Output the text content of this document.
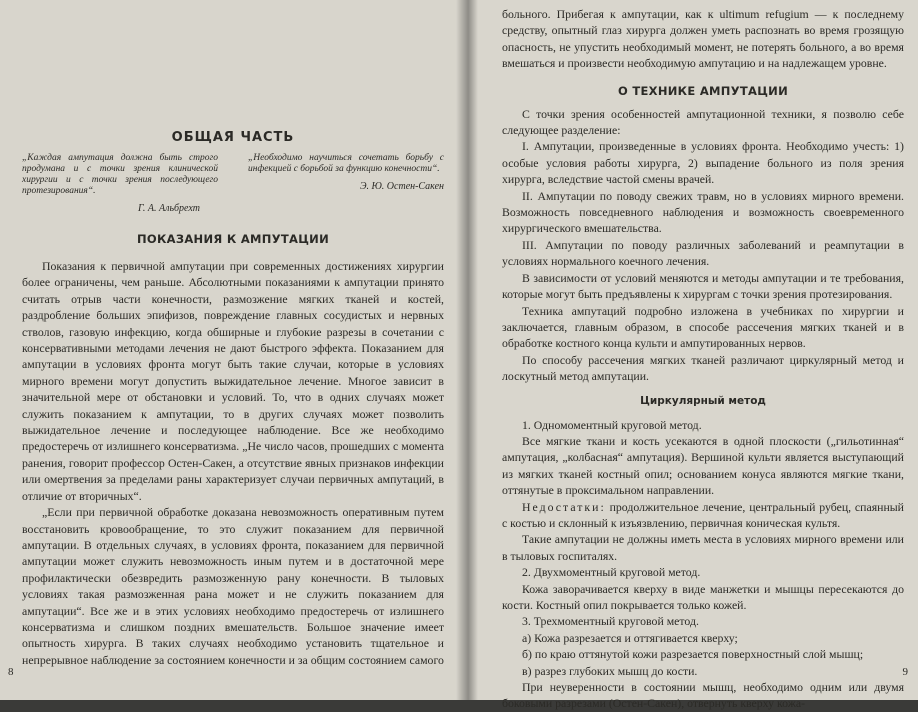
ОБЩАЯ ЧАСТЬ

„Каждая ампутация должна быть строго продумана и с точки зрения клинической хирургии и с точки зрения последующего протезирования“.

Г. А. Альбрехт

„Необходимо научиться сочетать борьбу с инфекцией с борьбой за функцию конечности“.

Э. Ю. Остен-Сакен

ПОКАЗАНИЯ К АМПУТАЦИИ

Показания к первичной ампутации при современных достижениях хирургии более ограничены, чем раньше. Абсолютными показаниями к ампутации принято считать отрыв части конечности, размозжение мягких тканей и костей, раздробление больших эпифизов, повреждение главных сосудистых и нервных стволов, газовую инфекцию, когда обширные и глубокие разрезы в сочетании с консервативными методами лечения не дают быстрого эффекта. Показанием для ампутации в условиях фронта могут быть такие случаи, которые в условиях мирного времени могут допустить выжидательное лечение. Многое зависит в значительной мере от обстановки и условий. То, что в одних случаях может служить показанием к ампутации, то в других случаях может позволить выжидательное лечение и последующее наблюдение. Все же необходимо предостеречь от излишнего консерватизма. „Не число часов, прошедших с момента ранения, говорит профессор Остен-Сакен, а отсутствие явных признаков инфекции или омертвения за пределами раны характеризует случаи первичных ампутаций, в отличие от вторичных“.

„Если при первичной обработке доказана невозможность оперативным путем восстановить кровообращение, то это служит показанием для первичной ампутации. В отдельных случаях, в условиях фронта, показанием для первичной ампутации может служить невозможность иным путем и в достаточной мере профилактически обезвредить размозженную рану конечности. В тыловых условиях такая размозженная рана может и не служить показанием для ампутации“. Все же и в этих условиях необходимо предостеречь от излишнего консерватизма и слишком поздних вмешательств. Большое значение имеет опытность хирурга. В таких случаях необходимо установить тщательное и непрерывное наблюдение за состоянием конечности и за общим состоянием самого

8

больного. Прибегая к ампутации, как к ultimum refugium — к последнему средству, опытный глаз хирурга должен уметь распознать во время грозящую опасность, не упустить необходимый момент, не потерять больного, а во время вмешаться и произвести необходимую ампутацию и на надлежащем уровне.

О ТЕХНИКЕ АМПУТАЦИИ

С точки зрения особенностей ампутационной техники, я позволю себе следующее разделение:

I. Ампутации, произведенные в условиях фронта. Необходимо учесть: 1) особые условия работы хирурга, 2) выпадение больного из поля зрения хирурга, вследствие частой смены врачей.

II. Ампутации по поводу свежих травм, но в условиях мирного времени. Возможность повседневного наблюдения и возможность своевременного хирургического вмешательства.

III. Ампутации по поводу различных заболеваний и реампутации в условиях нормального коечного лечения.

В зависимости от условий меняются и методы ампутации и те требования, которые могут быть предъявлены к хирургам с точки зрения протезирования.

Техника ампутаций подробно изложена в учебниках по хирургии и заключается, главным образом, в способе рассечения мягких тканей и в обработке костного конца культи и ампутированных нервов.

По способу рассечения мягких тканей различают циркулярный метод и лоскутный метод ампутации.

Циркулярный метод

1. Одномоментный круговой метод.

Все мягкие ткани и кость усекаются в одной плоскости („гильотинная“ ампутация, „колбасная“ ампутация). Вершиной культи является выступающий из мягких тканей костный опил; основанием конуса являются мягкие ткани, оттянутые в проксимальном направлении.

Недостатки: продолжительное лечение, центральный рубец, спаянный с костью и склонный к изъязвлению, первичная коническая культя.

Такие ампутации не должны иметь места в условиях мирного времени или в тыловых госпиталях.

2. Двухмоментный круговой метод.

Кожа заворачивается кверху в виде манжетки и мышцы пересекаются до кости. Костный опил покрывается только кожей.

3. Трехмоментный круговой метод.

а) Кожа разрезается и оттягивается кверху;

б) по краю оттянутой кожи разрезается поверхностный слой мышц;

в) разрез глубоких мышц до кости.

При неуверенности в состоянии мышц, необходимо одним или двумя боковыми разрезами (Остен-Сакен), отвернуть кверху кожа-

9
